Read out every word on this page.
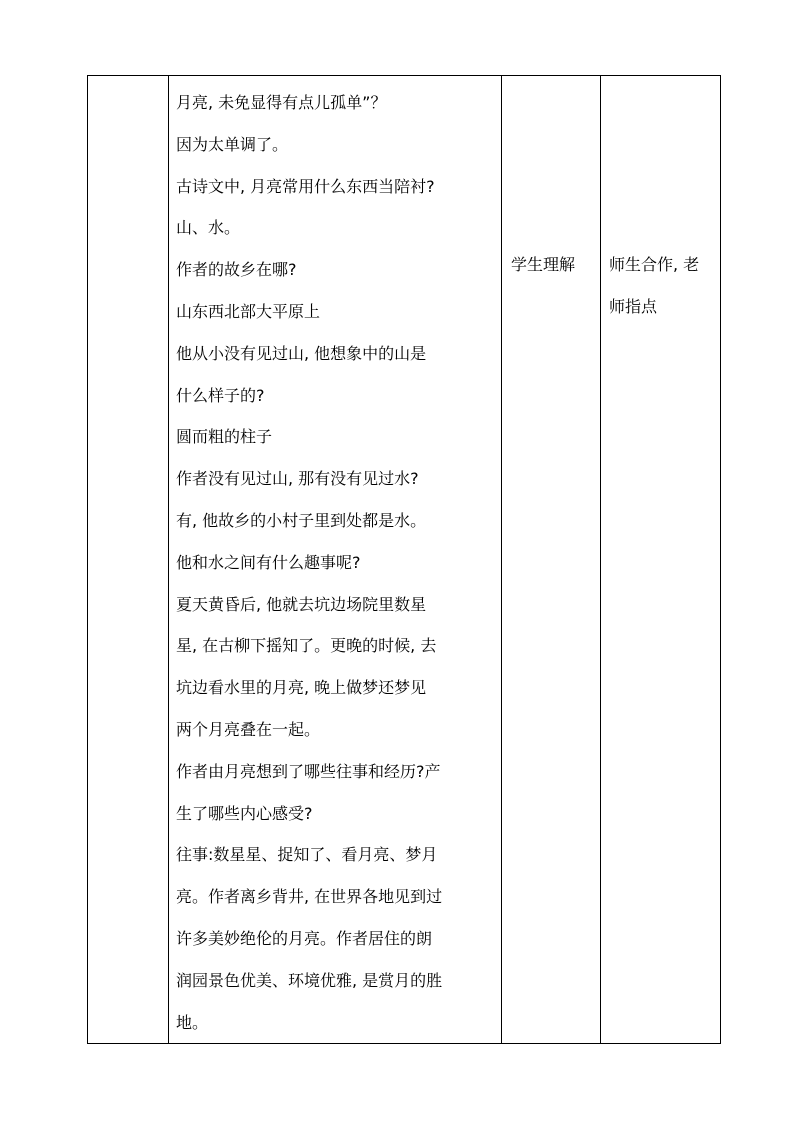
月亮, 未免显得有点儿孤单”？
因为太单调了。
古诗文中, 月亮常用什么东西当陪衬?
山、水。
作者的故乡在哪?
山东西北部大平原上
他从小没有见过山, 他想象中的山是
什么样子的?
圆而粗的柱子
作者没有见过山, 那有没有见过水?
有, 他故乡的小村子里到处都是水。
他和水之间有什么趣事呢?
夏天黄昏后, 他就去坑边场院里数星
星, 在古柳下摇知了。更晚的时候, 去
坑边看水里的月亮, 晚上做梦还梦见
两个月亮叠在一起。
作者由月亮想到了哪些往事和经历?产
生了哪些内心感受?
往事:数星星、捉知了、看月亮、梦月
亮。作者离乡背井, 在世界各地见到过
许多美妙绝伦的月亮。作者居住的朗
润园景色优美、环境优雅, 是赏月的胜
地。

学生理解	师生合作, 老
师指点
